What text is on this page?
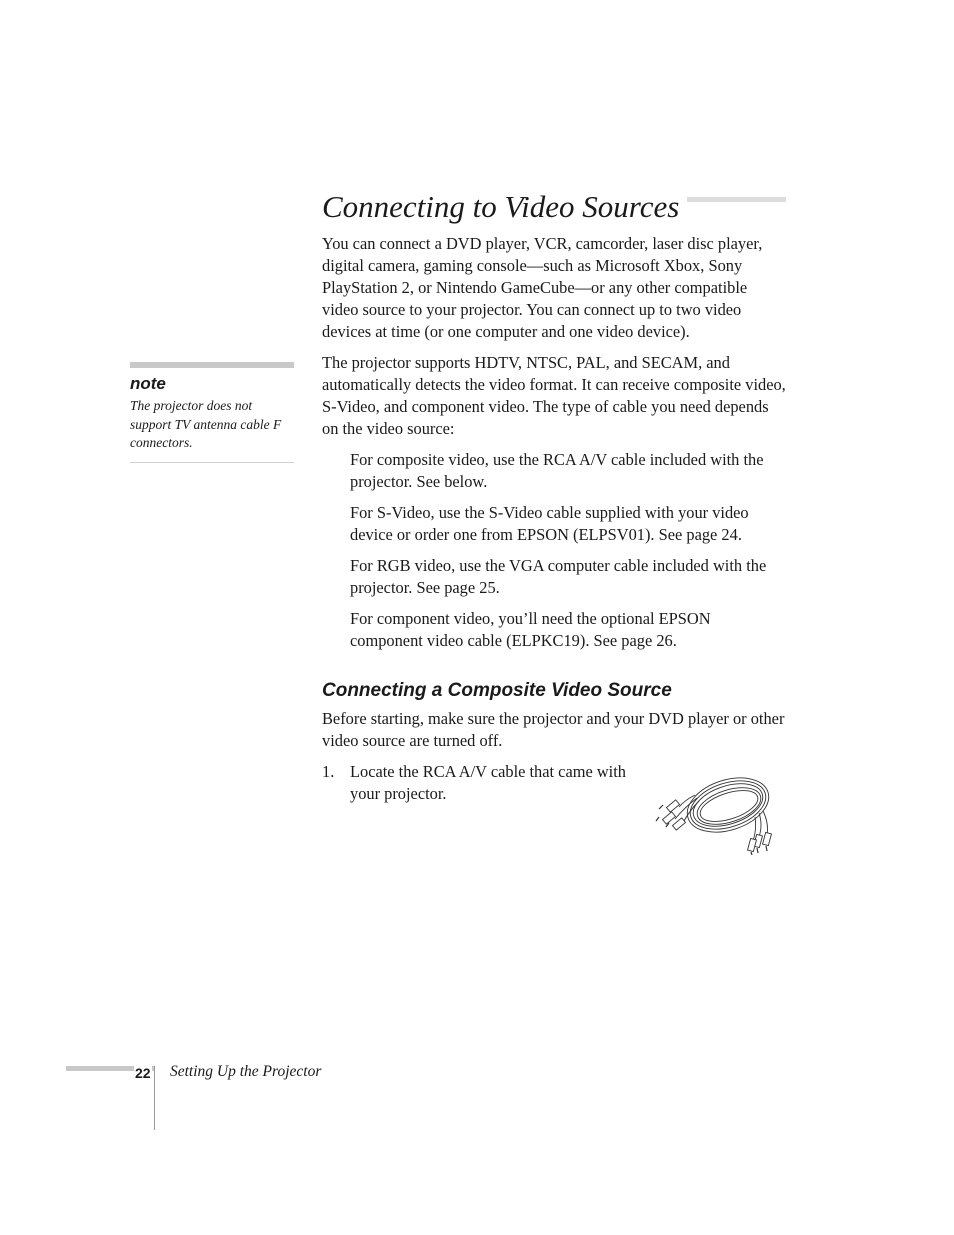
Connecting to Video Sources

You can connect a DVD player, VCR, camcorder, laser disc player, digital camera, gaming console—such as Microsoft Xbox, Sony PlayStation 2, or Nintendo GameCube—or any other compatible video source to your projector. You can connect up to two video devices at time (or one computer and one video device).

The projector supports HDTV, NTSC, PAL, and SECAM, and automatically detects the video format. It can receive composite video, S-Video, and component video. The type of cable you need depends on the video source:

For composite video, use the RCA A/V cable included with the projector. See below.

For S-Video, use the S-Video cable supplied with your video device or order one from EPSON (ELPSV01). See page 24.

For RGB video, use the VGA computer cable included with the projector. See page 25.

For component video, you’ll need the optional EPSON component video cable (ELPKC19). See page 26.

Connecting a Composite Video Source

Before starting, make sure the projector and your DVD player or other video source are turned off.

1. Locate the RCA A/V cable that came with your projector.

note

The projector does not support TV antenna cable F connectors.

22 Setting Up the Projector
